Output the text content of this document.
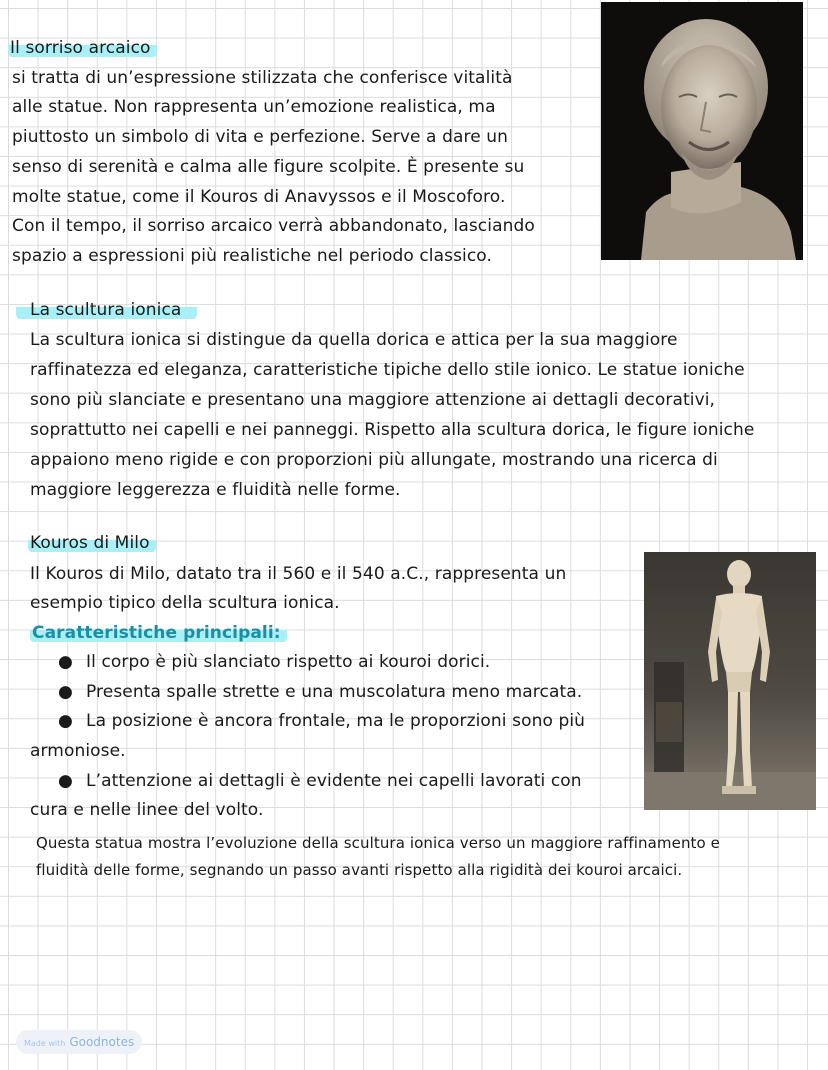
Il sorriso arcaico
si tratta di un’espressione stilizzata che conferisce vitalità
alle statue. Non rappresenta un’emozione realistica, ma
piuttosto un simbolo di vita e perfezione. Serve a dare un
senso di serenità e calma alle figure scolpite. È presente su
molte statue, come il Kouros di Anavyssos e il Moscoforo.
Con il tempo, il sorriso arcaico verrà abbandonato, lasciando
spazio a espressioni più realistiche nel periodo classico.
La scultura ionica
La scultura ionica si distingue da quella dorica e attica per la sua maggiore
raffinatezza ed eleganza, caratteristiche tipiche dello stile ionico. Le statue ioniche
sono più slanciate e presentano una maggiore attenzione ai dettagli decorativi,
soprattutto nei capelli e nei panneggi. Rispetto alla scultura dorica, le figure ioniche
appaiono meno rigide e con proporzioni più allungate, mostrando una ricerca di
maggiore leggerezza e fluidità nelle forme.
Kouros di Milo
Il Kouros di Milo, datato tra il 560 e il 540 a.C., rappresenta un
esempio tipico della scultura ionica.
Caratteristiche principali:
● Il corpo è più slanciato rispetto ai kouroi dorici.
● Presenta spalle strette e una muscolatura meno marcata.
● La posizione è ancora frontale, ma le proporzioni sono più
armoniose.
● L’attenzione ai dettagli è evidente nei capelli lavorati con
cura e nelle linee del volto.
Questa statua mostra l’evoluzione della scultura ionica verso un maggiore raffinamento e
fluidità delle forme, segnando un passo avanti rispetto alla rigidità dei kouroi arcaici.
Made with Goodnotes
